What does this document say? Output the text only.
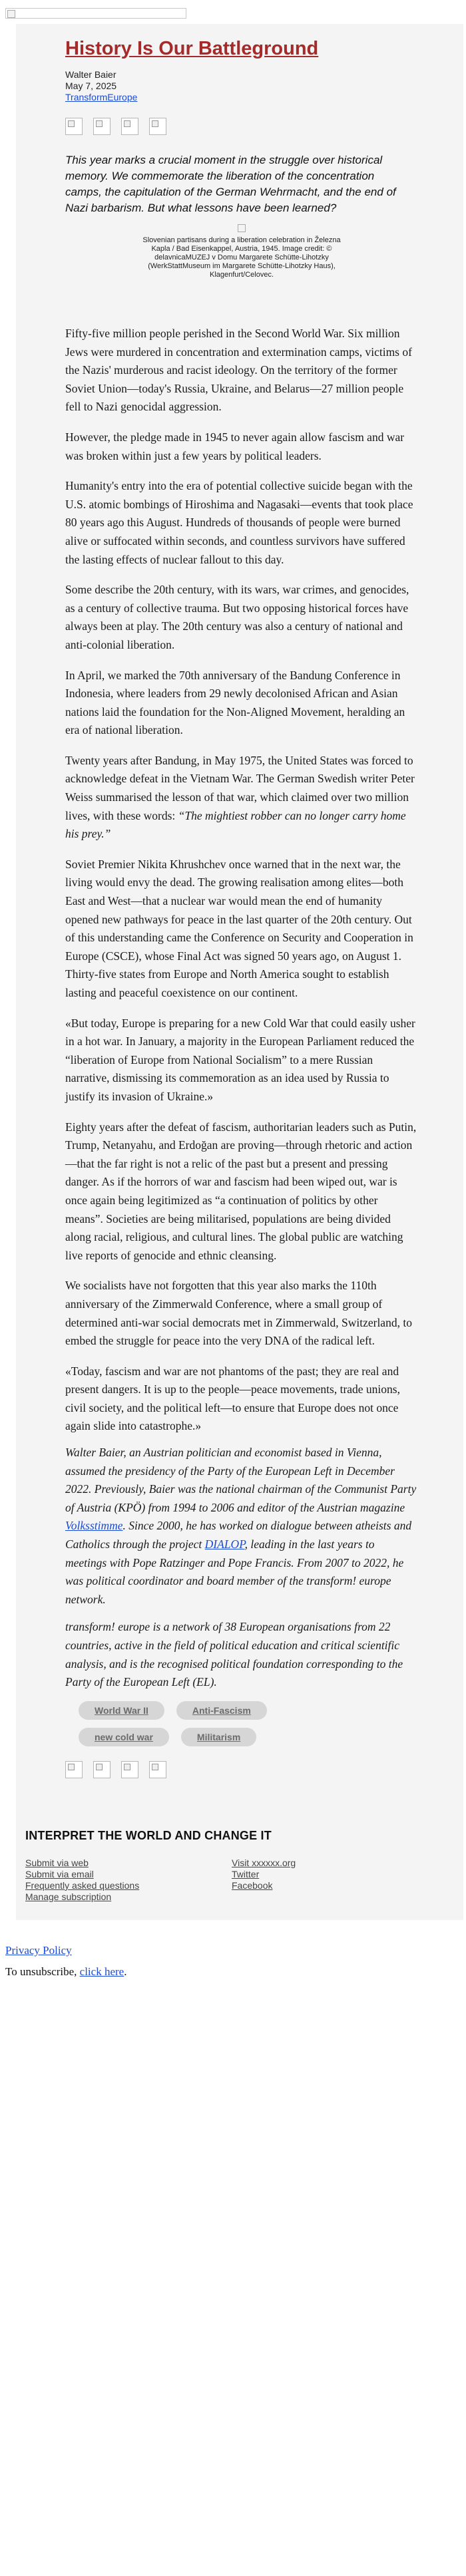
History Is Our Battleground
Walter Baier
May 7, 2025
TransformEurope

This year marks a crucial moment in the struggle over historical memory. We commemorate the liberation of the concentration camps, the capitulation of the German Wehrmacht, and the end of Nazi barbarism. But what lessons have been learned?

Slovenian partisans during a liberation celebration in Železna Kapla / Bad Eisenkappel, Austria, 1945. Image credit: © delavnicaMUZEJ v Domu Margarete Schütte-Lihotzky (WerkStattMuseum im Margarete Schütte-Lihotzky Haus), Klagenfurt/Celovec.

Fifty-five million people perished in the Second World War. Six million Jews were murdered in concentration and extermination camps, victims of the Nazis' murderous and racist ideology. On the territory of the former Soviet Union—today's Russia, Ukraine, and Belarus—27 million people fell to Nazi genocidal aggression.

However, the pledge made in 1945 to never again allow fascism and war was broken within just a few years by political leaders.

Humanity's entry into the era of potential collective suicide began with the U.S. atomic bombings of Hiroshima and Nagasaki—events that took place 80 years ago this August. Hundreds of thousands of people were burned alive or suffocated within seconds, and countless survivors have suffered the lasting effects of nuclear fallout to this day.

Some describe the 20th century, with its wars, war crimes, and genocides, as a century of collective trauma. But two opposing historical forces have always been at play. The 20th century was also a century of national and anti-colonial liberation.

In April, we marked the 70th anniversary of the Bandung Conference in Indonesia, where leaders from 29 newly decolonised African and Asian nations laid the foundation for the Non-Aligned Movement, heralding an era of national liberation.

Twenty years after Bandung, in May 1975, the United States was forced to acknowledge defeat in the Vietnam War. The German Swedish writer Peter Weiss summarised the lesson of that war, which claimed over two million lives, with these words: “The mightiest robber can no longer carry home his prey.”

Soviet Premier Nikita Khrushchev once warned that in the next war, the living would envy the dead. The growing realisation among elites—both East and West—that a nuclear war would mean the end of humanity opened new pathways for peace in the last quarter of the 20th century. Out of this understanding came the Conference on Security and Cooperation in Europe (CSCE), whose Final Act was signed 50 years ago, on August 1. Thirty-five states from Europe and North America sought to establish lasting and peaceful coexistence on our continent.

«But today, Europe is preparing for a new Cold War that could easily usher in a hot war. In January, a majority in the European Parliament reduced the “liberation of Europe from National Socialism” to a mere Russian narrative, dismissing its commemoration as an idea used by Russia to justify its invasion of Ukraine.»

Eighty years after the defeat of fascism, authoritarian leaders such as Putin, Trump, Netanyahu, and Erdoğan are proving—through rhetoric and action—that the far right is not a relic of the past but a present and pressing danger. As if the horrors of war and fascism had been wiped out, war is once again being legitimized as “a continuation of politics by other means”. Societies are being militarised, populations are being divided along racial, religious, and cultural lines. The global public are watching live reports of genocide and ethnic cleansing.

We socialists have not forgotten that this year also marks the 110th anniversary of the Zimmerwald Conference, where a small group of determined anti-war social democrats met in Zimmerwald, Switzerland, to embed the struggle for peace into the very DNA of the radical left.

«Today, fascism and war are not phantoms of the past; they are real and present dangers. It is up to the people—peace movements, trade unions, civil society, and the political left—to ensure that Europe does not once again slide into catastrophe.»

Walter Baier, an Austrian politician and economist based in Vienna, assumed the presidency of the Party of the European Left in December 2022. Previously, Baier was the national chairman of the Communist Party of Austria (KPÖ) from 1994 to 2006 and editor of the Austrian magazine Volksstimme. Since 2000, he has worked on dialogue between atheists and Catholics through the project DIALOP, leading in the last years to meetings with Pope Ratzinger and Pope Francis. From 2007 to 2022, he was political coordinator and board member of the transform! europe network.
transform! europe is a network of 38 European organisations from 22 countries, active in the field of political education and critical scientific analysis, and is the recognised political foundation corresponding to the Party of the European Left (EL).
World War II	Anti-Fascism
new cold war	Militarism
INTERPRET THE WORLD AND CHANGE IT
Submit via web
Submit via email
Frequently asked questions
Manage subscription
Visit xxxxxx.org
Twitter
Facebook
Privacy Policy

To unsubscribe, click here.
